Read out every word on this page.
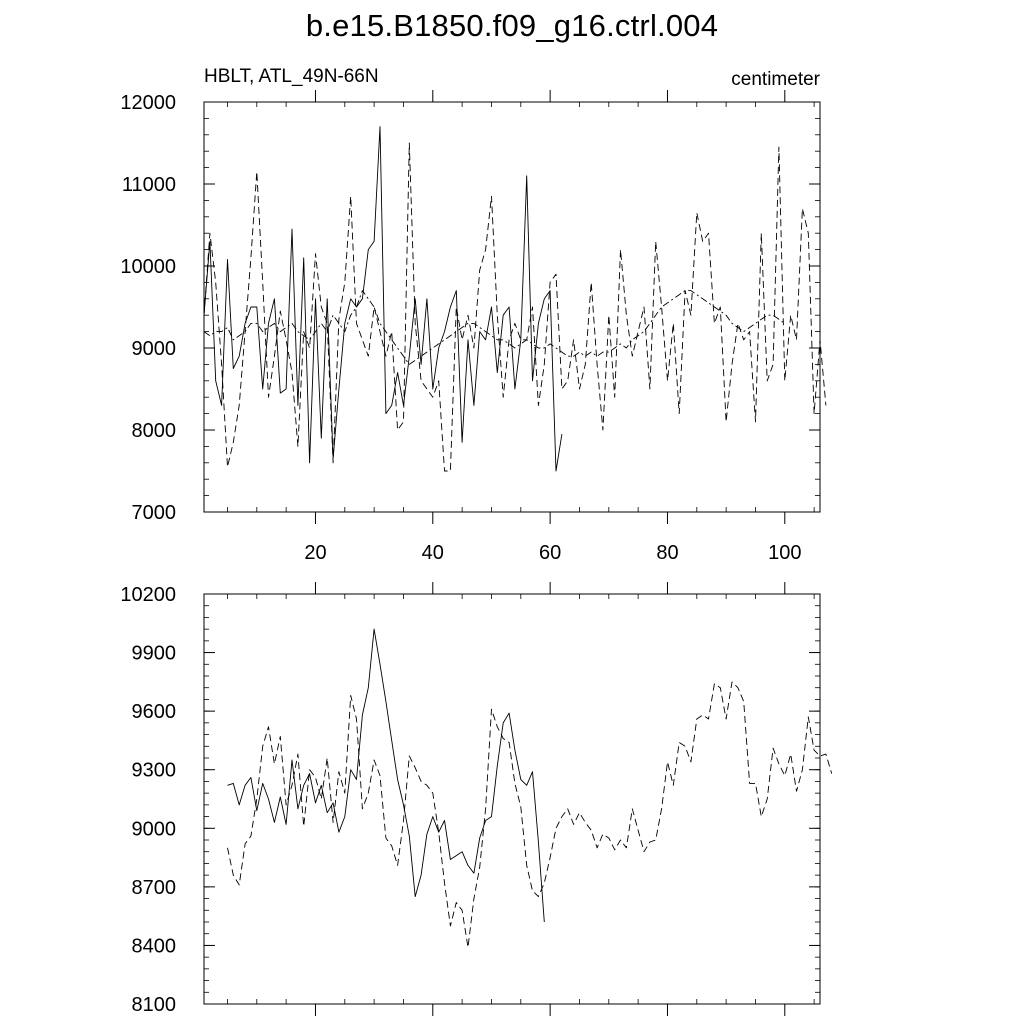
b.e15.B1850.f09_g16.ctrl.004
HBLT, ATL_49N-66N	centimeter
7000
8000
9000
10000
11000
12000
20	40	60	80	100
8100
8400
8700
9000
9300
9600
9900
10200
